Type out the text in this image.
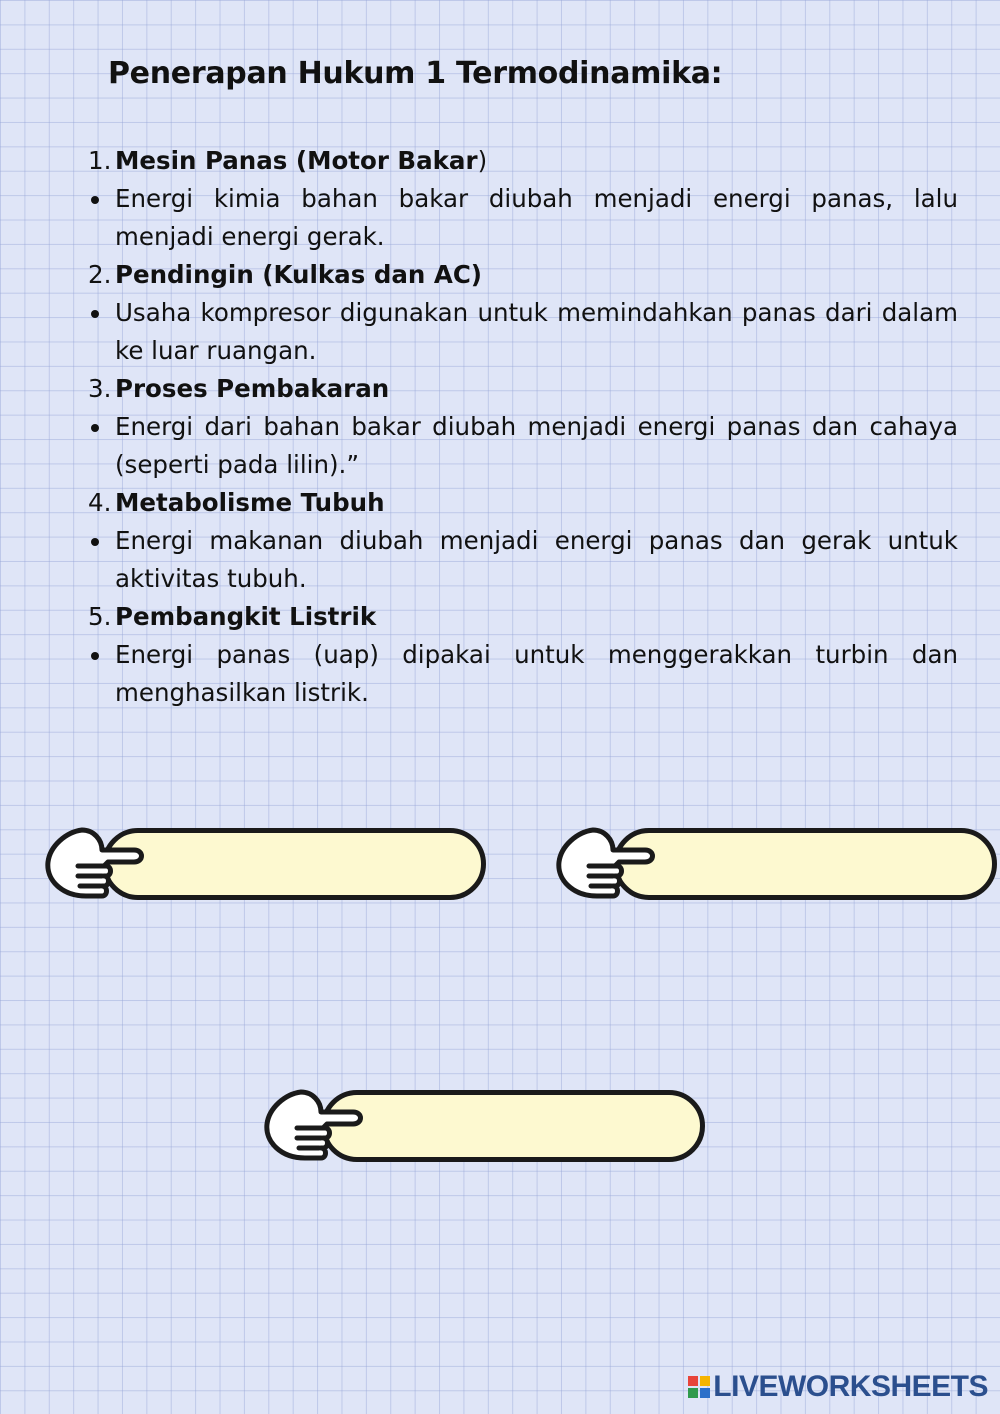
Penerapan Hukum 1 Termodinamika:
1. Mesin Panas (Motor Bakar)
Energi kimia bahan bakar diubah menjadi energi panas, lalu menjadi energi gerak.
2. Pendingin (Kulkas dan AC)
Usaha kompresor digunakan untuk memindahkan panas dari dalam ke luar ruangan.
3. Proses Pembakaran
Energi dari bahan bakar diubah menjadi energi panas dan cahaya (seperti pada lilin).”
4. Metabolisme Tubuh
Energi makanan diubah menjadi energi panas dan gerak untuk aktivitas tubuh.
5. Pembangkit Listrik
Energi panas (uap) dipakai untuk menggerakkan turbin dan menghasilkan listrik.
LIVEWORKSHEETS
